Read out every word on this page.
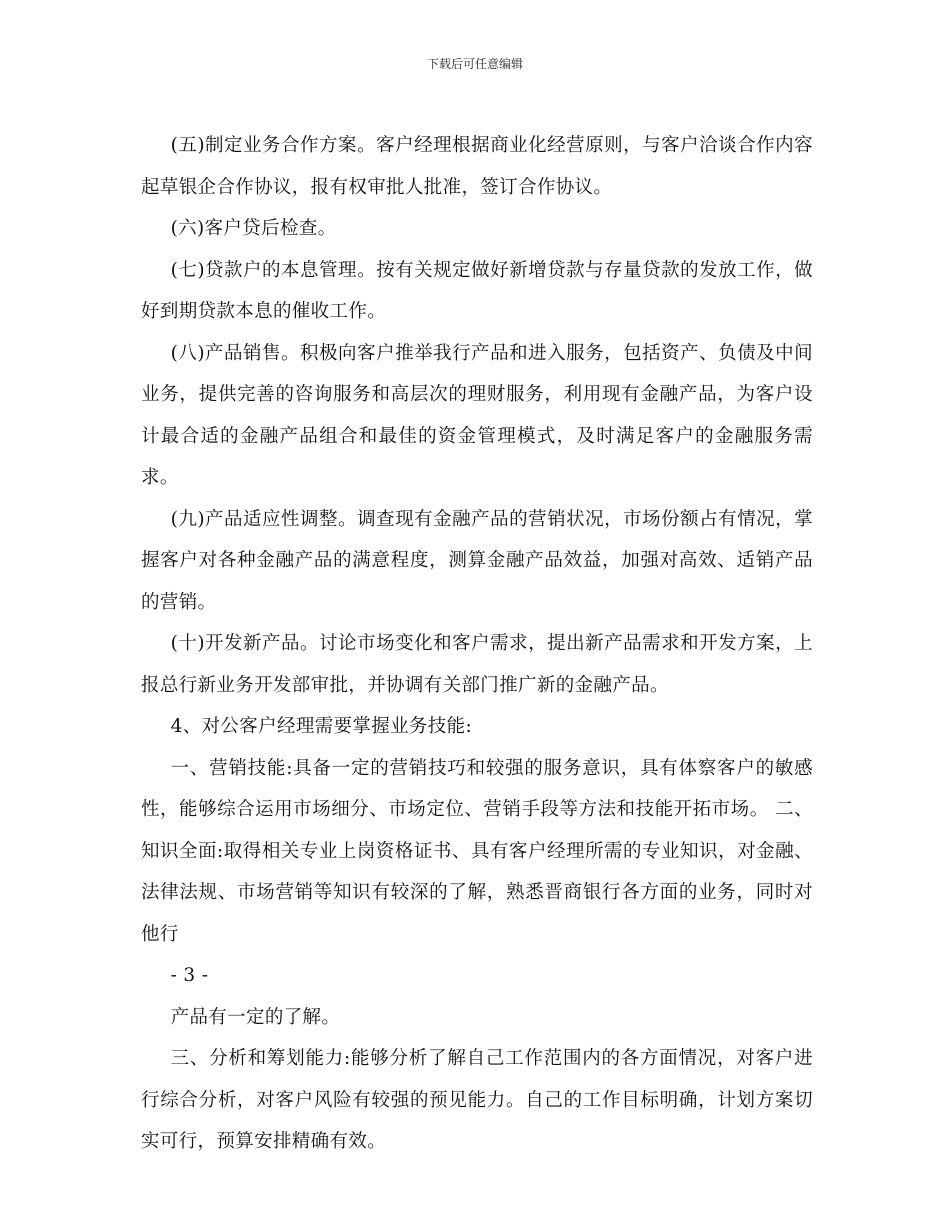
下载后可任意编辑

(五)制定业务合作方案。客户经理根据商业化经营原则，与客户洽谈合作内容起草银企合作协议，报有权审批人批准，签订合作协议。

(六)客户贷后检查。

(七)贷款户的本息管理。按有关规定做好新增贷款与存量贷款的发放工作，做好到期贷款本息的催收工作。

(八)产品销售。积极向客户推举我行产品和进入服务，包括资产、负债及中间业务，提供完善的咨询服务和高层次的理财服务，利用现有金融产品，为客户设计最合适的金融产品组合和最佳的资金管理模式，及时满足客户的金融服务需求。

(九)产品适应性调整。调查现有金融产品的营销状况，市场份额占有情况，掌握客户对各种金融产品的满意程度，测算金融产品效益，加强对高效、适销产品的营销。

(十)开发新产品。讨论市场变化和客户需求，提出新产品需求和开发方案，上报总行新业务开发部审批，并协调有关部门推广新的金融产品。

4、对公客户经理需要掌握业务技能:

一、营销技能:具备一定的营销技巧和较强的服务意识，具有体察客户的敏感性，能够综合运用市场细分、市场定位、营销手段等方法和技能开拓市场。 二、知识全面:取得相关专业上岗资格证书、具有客户经理所需的专业知识，对金融、法律法规、市场营销等知识有较深的了解，熟悉晋商银行各方面的业务，同时对他行

- 3 -

产品有一定的了解。

三、分析和筹划能力:能够分析了解自己工作范围内的各方面情况，对客户进行综合分析，对客户风险有较强的预见能力。自己的工作目标明确，计划方案切实可行，预算安排精确有效。
